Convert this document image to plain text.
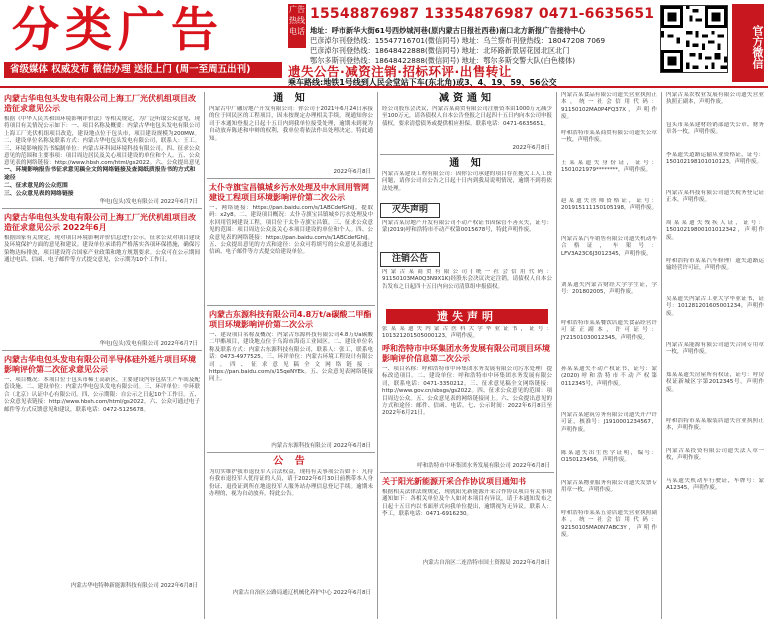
分类广告
省级媒体 权威发布 微信办理 送报上门 (周一至周五出刊)
广告热线电话
15548876987 13354876987 0471-6635651
地址：呼市新华大街61号西炒城河巷(原内蒙古日报社西巷)南口北方新报广告接待中心
巴彦淖尔刊登热线：15547716701(微信同号) 地址：乌兰察布刊登热线：18047208 7069
巴彦淖尔刊登热线：18648422888(微信同号) 地址：北环路新景居花园北区北门
鄂尔多斯刊登热线：18648422888(微信同号) 地址：鄂尔多斯交警大队(白色楼体)
遗失公告·减资注销·招标环评·出售转让
乘车路线:地铁1号线到人民会堂站下车(东北角)或3、4、19、59、56公交
官方微信
内蒙古华电包头发电有限公司上海工厂光伏机组项目改造征求意见公示
根据《中华人民共和国环境影响评价法》等相关规定，为广泛听取公众意见，现将项目有关情况公示如下：一、项目名称及概要：内蒙古华电包头发电有限公司上海工厂光伏机组项目改造，建设地点位于包头市，项目建设规模为200MW。二、建设单位名称及联系方式：内蒙古华电包头发电有限公司，联系人：王工。三、环境影响报告书编制单位：内蒙古环科园环境科技有限公司。四、征求公众意见的范围和主要事项：项目周边居民及关心项目建设的单位和个人。五、公众意见表的网络链接：http://www.hbsh.com/html/gs2022。六、公众提出意见
一、环境影响报告书征求意见稿全文的网络链接及查阅纸质报告书的方式和途径
二、征求意见的公众范围
三、公众意见表的网络链接
华电(包头)发电有限公司 2022年6月7日
内蒙古华电包头发电有限公司上海工厂光伏机组项目改造征求意见公示 2022年6月
根据国家有关规定，现对项目环境影响评价信息进行公示，征求公众对项目建设及环境保护方面的意见和建议。建设单位承诺将严格落实各项环保措施，确保污染物达标排放，项目建设符合国家产业政策和地方规划要求。公众可在公示期间通过电话、信函、电子邮件等方式提交意见，公示期为10个工作日。
华电(包头)发电有限公司 2022年6月7日
内蒙古华电包头发电有限公司半导体硅外延片项目环境影响评价第二次征求意见公示
一、项目概况：本项目位于包头市稀土高新区，主要建设内容包括生产车间及配套设施。二、建设单位：内蒙古华电包头发电有限公司。三、环评单位：中环联合（北京）认证中心有限公司。四、公示期限：自公示之日起10个工作日。五、公众意见表链接：http://www.hbsh.com/html/gs2022。六、公众可通过电子邮件等方式反馈意见和建议，联系电话：0472-5125678。
内蒙古华电特种新能源科技有限公司 2022年6月8日
通 知
内蒙古中广融房地产开发有限公司：你公司于2021年6月24日承接的位于回民区的工程项目，因未按规定办理相关手续，现通知你公司于本通知登报之日起十五日内到我单位接受处理，逾期未到视为自动放弃陈述和申辩的权利，我单位将依法作出处理决定。特此通知。
2022年6月8日
太仆寺旗宝昌镇城乡污水处理及中水回用管网建设工程项目环境影响评价第二次公示
一、网络链接：https://pan.baidu.com/s/1ABCdefGhIJ，提取码：x2y8。二、建设项目概况：太仆寺旗宝昌镇城乡污水处理及中水回用管网建设工程，项目位于太仆寺旗宝昌镇。三、征求公众意见的范围：项目周边公众及关心本项目建设的单位和个人。四、公众意见表的网络链接：https://pan.baidu.com/s/1ABCdefGhIJ。五、公众提出意见的方式和途径：公众可将填写的公众意见表通过信函、电子邮件等方式提交给建设单位。
内蒙古东源科技有限公司4.8万t/a碳酸二甲酯项目环境影响评价第二次公示
一、建设项目名称及概况：内蒙古东源科技有限公司4.8万t/a碳酸二甲酯项目，建设地点位于乌海市海南工业园区。二、建设单位名称及联系方式：内蒙古东源科技有限公司，联系人：张工，联系电话：0473-4977525。三、环评单位：内蒙古环境工程设计有限公司。四、征求意见稿全文网络链接：https://pan.baidu.com/s/15qeNYEk。五、公众意见表网络链接同上。
内蒙古东源科技有限公司 2022年6月8日
公 告
为切实维护我市退役军人合法权益，现将有关事项公告如下：凡持有我市退役军人优待证的人员，请于2022年6月30日前携带本人身份证、退役证到所在地退役军人服务站办理信息登记手续。逾期未办理的，视为自动放弃。特此公告。
内蒙古自治区公路局通辽机械化养护中心 2022年6月8日
减资通知
经公司股东会决议，内蒙古某商贸有限公司注册资本由1000万元减少至100万元，请各债权人自本公告登报之日起四十五日内向本公司申报债权，要求清偿债务或提供相应担保。联系电话：0471-6635651。
2022年6月8日
通 知
内蒙古某建设工程有限公司：因你公司承建的项目存在拖欠工人工资问题，请你公司自公告之日起十日内到我局说明情况，逾期不到将依法处理。
灭失声明
内蒙古某房地产开发有限公司不动产权证书因保管不善灭失，证号：蒙(2019)呼和浩特市不动产权第0015678号，特此声明作废。
注销公告
内蒙古某商贸有限公司(统一社会信用代码：91150103MA0Q3N9X1K)经股东会决议决定注销，请债权人自本公告发布之日起四十五日内向公司清算组申报债权。
遗失声明
张某某遗失内蒙古医科大学毕业证书，证号：101321201505000123，声明作废。
呼和浩特市中环集团水务发展有限公司项目环境影响评价信息第二次公示
一、项目名称：呼和浩特市中环集团水务发展有限公司污水处理厂提标改造项目。二、建设单位：呼和浩特市中环集团水务发展有限公司，联系电话：0471-3350212。三、征求意见稿全文网络链接：http://www.gov.cn/sbsgs/gs2022。四、征求公众意见的范围：项目周边公众。五、公众意见表的网络链接同上。六、公众提出意见的方式和途径：邮件、信函、电话。七、公示时间：2022年6月8日至2022年6月21日。
呼和浩特市中环集团水务发展有限公司 2022年6月8日
关于阳光新能源开采合作协议项目通知书
根据相关法律法规规定，现就阳光新能源开采合作协议项目有关事项通知如下：各相关单位及个人如对本项目有异议，请于本通知发布之日起十五日内以书面形式向我单位提出，逾期视为无异议。联系人：李工，联系电话：0471-6916230。
内蒙古自治区二连浩特市国土资源局 2022年6月8日
内蒙古某食品有限公司遗失营业执照正本，统一社会信用代码：91150102MA0P4FQ37X，声明作废。
呼和浩特市某某商贸有限公司遗失公章一枚，声明作废。
王某某遗失身份证，证号：1501021979********，声明作废。
赵某遗失医师资格证，证号：201915111150105198，声明作废。
内蒙古某汽车销售有限公司遗失机动车合格证，车架号：LFV3A23C6J3012345，声明作废。
刘某遗失内蒙古财经大学学生证，学号：201802005，声明作废。
呼和浩特市某某餐饮店遗失食品经营许可证正副本，许可证号：JY21501030012345，声明作废。
孙某某遗失不动产权证书，证号：蒙(2020)呼和浩特市不动产权第0112345号，声明作废。
内蒙古某建筑劳务有限公司遗失开户许可证，核准号：J1910001234567，声明作废。
陈某遗失出生医学证明，编号：O150123456，声明作废。
内蒙古某物业服务有限公司遗失发票专用章一枚，声明作废。
呼和浩特市某某五金店遗失营业执照副本，统一社会信用代码：92150105MA0N7ABC3Y，声明作废。
内蒙古某农牧业发展有限公司遗失营业执照正副本，声明作废。
包头市某某建材经销部遗失公章、财务章各一枚，声明作废。
李某遗失道路运输从业资格证，证号：150102198101010123，声明作废。
内蒙古某科技有限公司遗失税务登记证正本，声明作废。
周某某遗失残疾人证，证号：15010219800101012342，声明作废。
呼和浩特市某某汽车修理厂遗失道路运输经营许可证，声明作废。
吴某遗失内蒙古工业大学毕业证书，证号：101281201605001234，声明作废。
内蒙古某能源有限公司遗失合同专用章一枚，声明作废。
郑某某遗失房屋所有权证，证号：呼房权证新城区字第2012345号，声明作废。
呼和浩特市某某服装店遗失营业执照正本，声明作废。
内蒙古某投资有限公司遗失法人章一枚，声明作废。
马某遗失机动车行驶证，车牌号：蒙A12345，声明作废。
